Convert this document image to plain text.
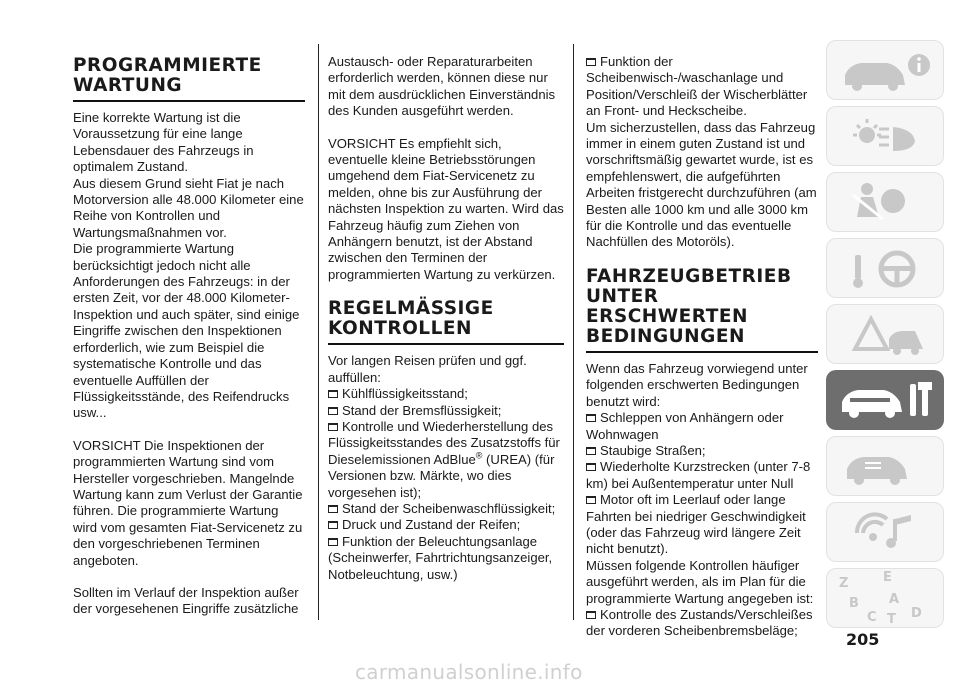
PROGRAMMIERTE WARTUNG
Eine korrekte Wartung ist die Voraussetzung für eine lange Lebensdauer des Fahrzeugs in optimalem Zustand.
Aus diesem Grund sieht Fiat je nach Motorversion alle 48.000 Kilometer eine Reihe von Kontrollen und Wartungsmaßnahmen vor.
Die programmierte Wartung berücksichtigt jedoch nicht alle Anforderungen des Fahrzeugs: in der ersten Zeit, vor der 48.000 Kilometer-Inspektion und auch später, sind einige Eingriffe zwischen den Inspektionen erforderlich, wie zum Beispiel die systematische Kontrolle und das eventuelle Auffüllen der Flüssigkeitsstände, des Reifendrucks usw...
VORSICHT Die Inspektionen der programmierten Wartung sind vom Hersteller vorgeschrieben. Mangelnde Wartung kann zum Verlust der Garantie führen. Die programmierte Wartung wird vom gesamten Fiat-Servicenetz zu den vorgeschriebenen Terminen angeboten.
Sollten im Verlauf der Inspektion außer der vorgesehenen Eingriffe zusätzliche
Austausch- oder Reparaturarbeiten erforderlich werden, können diese nur mit dem ausdrücklichen Einverständnis des Kunden ausgeführt werden.
VORSICHT Es empfiehlt sich, eventuelle kleine Betriebsstörungen umgehend dem Fiat-Servicenetz zu melden, ohne bis zur Ausführung der nächsten Inspektion zu warten. Wird das Fahrzeug häufig zum Ziehen von Anhängern benutzt, ist der Abstand zwischen den Terminen der programmierten Wartung zu verkürzen.
REGELMÄSSIGE KONTROLLEN
Vor langen Reisen prüfen und ggf. auffüllen:
Kühlflüssigkeitsstand;
Stand der Bremsflüssigkeit;
Kontrolle und Wiederherstellung des Flüssigkeitsstandes des Zusatzstoffs für Dieselemissionen AdBlue® (UREA) (für Versionen bzw. Märkte, wo dies vorgesehen ist);
Stand der Scheibenwaschflüssigkeit;
Druck und Zustand der Reifen;
Funktion der Beleuchtungsanlage (Scheinwerfer, Fahrtrichtungsanzeiger, Notbeleuchtung, usw.)
Funktion der Scheibenwisch-/waschanlage und Position/Verschleiß der Wischerblätter an Front- und Heckscheibe.
Um sicherzustellen, dass das Fahrzeug immer in einem guten Zustand ist und vorschriftsmäßig gewartet wurde, ist es empfehlenswert, die aufgeführten Arbeiten fristgerecht durchzuführen (am Besten alle 1000 km und alle 3000 km für die Kontrolle und das eventuelle Nachfüllen des Motoröls).
FAHRZEUGBETRIEB UNTER ERSCHWERTEN BEDINGUNGEN
Wenn das Fahrzeug vorwiegend unter folgenden erschwerten Bedingungen benutzt wird:
Schleppen von Anhängern oder Wohnwagen
Staubige Straßen;
Wiederholte Kurzstrecken (unter 7-8 km) bei Außentemperatur unter Null
Motor oft im Leerlauf oder lange Fahrten bei niedriger Geschwindigkeit (oder das Fahrzeug wird längere Zeit nicht benutzt).
Müssen folgende Kontrollen häufiger ausgeführt werden, als im Plan für die programmierte Wartung angegeben ist:
Kontrolle des Zustands/Verschleißes der vorderen Scheibenbremsbeläge;
Z	E
B A
C T D
205
carmanualsonline.info
